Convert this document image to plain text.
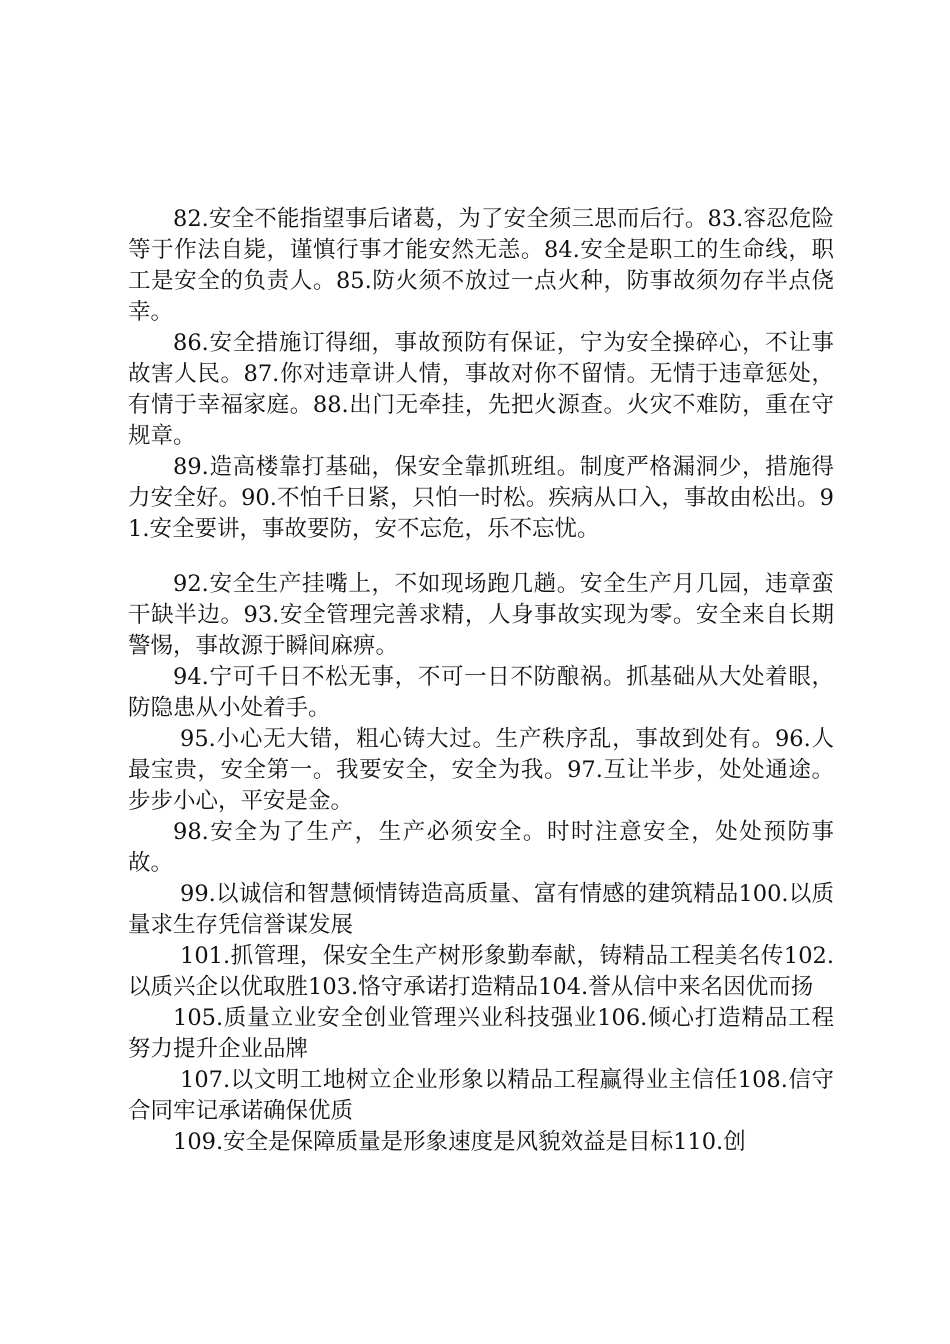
82.安全不能指望事后诸葛，为了安全须三思而后行。83.容忍危险等于作法自毙，谨慎行事才能安然无恙。84.安全是职工的生命线，职工是安全的负责人。85.防火须不放过一点火种，防事故须勿存半点侥幸。

86.安全措施订得细，事故预防有保证，宁为安全操碎心，不让事故害人民。87.你对违章讲人情，事故对你不留情。无情于违章惩处，有情于幸福家庭。88.出门无牵挂，先把火源查。火灾不难防，重在守规章。

89.造高楼靠打基础，保安全靠抓班组。制度严格漏洞少，措施得力安全好。90.不怕千日紧，只怕一时松。疾病从口入，事故由松出。91.安全要讲，事故要防，安不忘危，乐不忘忧。

92.安全生产挂嘴上，不如现场跑几趟。安全生产月几园，违章蛮干缺半边。93.安全管理完善求精，人身事故实现为零。安全来自长期警惕，事故源于瞬间麻痹。

94.宁可千日不松无事，不可一日不防酿祸。抓基础从大处着眼，防隐患从小处着手。

95.小心无大错，粗心铸大过。生产秩序乱，事故到处有。96.人最宝贵，安全第一。我要安全，安全为我。97.互让半步，处处通途。步步小心，平安是金。

98.安全为了生产，生产必须安全。时时注意安全，处处预防事故。

99.以诚信和智慧倾情铸造高质量、富有情感的建筑精品100.以质量求生存凭信誉谋发展

101.抓管理，保安全生产树形象勤奉献，铸精品工程美名传102.以质兴企以优取胜103.恪守承诺打造精品104.誉从信中来名因优而扬

105.质量立业安全创业管理兴业科技强业106.倾心打造精品工程努力提升企业品牌

107.以文明工地树立企业形象以精品工程赢得业主信任108.信守合同牢记承诺确保优质

109.安全是保障质量是形象速度是风貌效益是目标110.创
